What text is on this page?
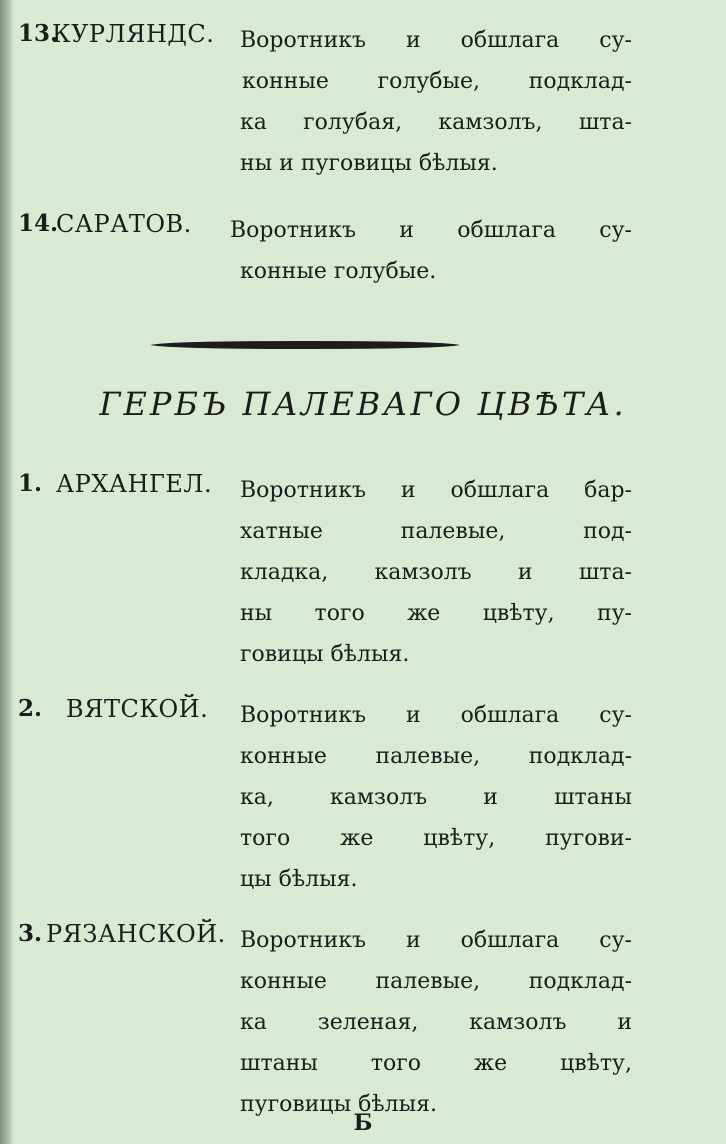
13.
КУРЛЯНДС. Воротникъ и обшлага су-
конные голубые, подклад-
ка голубая, камзолъ, шта-
ны и пуговицы бѣлыя.
14.
САРАТОВ. Воротникъ и обшлага су-
конные голубые.
ГЕРБЪ ПАЛЕВАГО ЦВѢТА.
1. АРХАНГЕЛ. Воротникъ и обшлага бар-
хатные палевые, под-
кладка, камзолъ и шта-
ны того же цвѣту, пу-
говицы бѣлыя.
2. ВЯТСКОЙ. Воротникъ и обшлага су-
конные палевые, подклад-
ка, камзолъ и штаны
того же цвѣту, пугови-
цы бѣлыя.
3. РЯЗАНСКОЙ. Воротникъ и обшлага су-
конные палевые, подклад-
ка зеленая, камзолъ и
штаны того же цвѣту,
пуговицы бѣлыя.
Б
